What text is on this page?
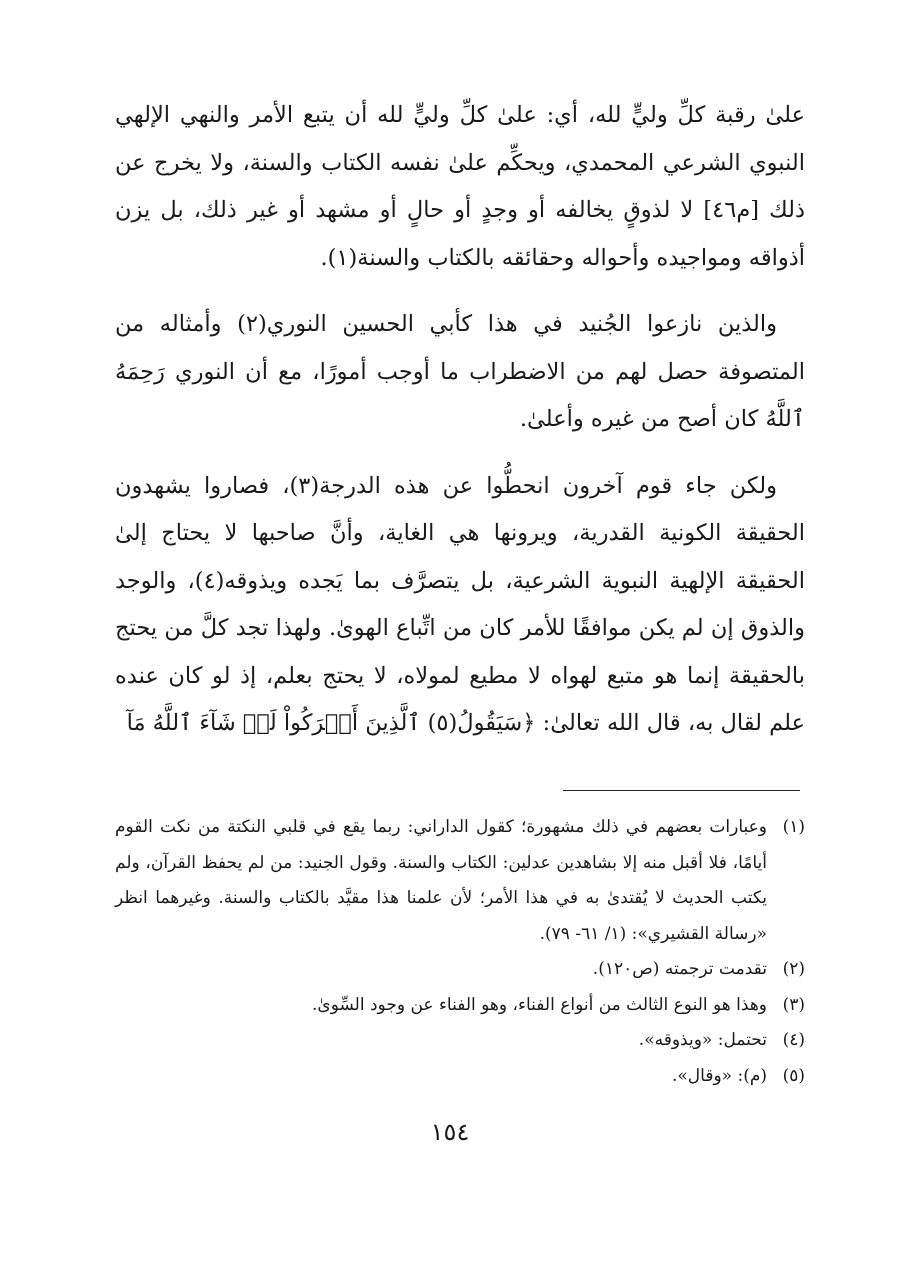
علىٰ رقبة كلِّ وليٍّ لله، أي: علىٰ كلِّ وليٍّ لله أن يتبع الأمر والنهي الإلهي النبوي الشرعي المحمدي، ويحكِّم علىٰ نفسه الكتاب والسنة، ولا يخرج عن ذلك [م٤٦] لا لذوقٍ يخالفه أو وجدٍ أو حالٍ أو مشهد أو غير ذلك، بل يزن أذواقه ومواجيده وأحواله وحقائقه بالكتاب والسنة(١).

والذين نازعوا الجُنيد في هذا كأبي الحسين النوري(٢) وأمثاله من المتصوفة حصل لهم من الاضطراب ما أوجب أمورًا، مع أن النوري رَحِمَهُ ٱللَّهُ كان أصح من غيره وأعلىٰ.

ولكن جاء قوم آخرون انحطُّوا عن هذه الدرجة(٣)، فصاروا يشهدون الحقيقة الكونية القدرية، ويرونها هي الغاية، وأنَّ صاحبها لا يحتاج إلىٰ الحقيقة الإلهية النبوية الشرعية، بل يتصرَّف بما يَجده ويذوقه(٤)، والوجد والذوق إن لم يكن موافقًا للأمر كان من اتِّباع الهوىٰ. ولهذا تجد كلَّ من يحتج بالحقيقة إنما هو متبع لهواه لا مطيع لمولاه، لا يحتج بعلم، إذ لو كان عنده علم لقال به، قال الله تعالىٰ: ﴿سَيَقُولُ(٥) ٱلَّذِينَ أَشۡرَكُواْ لَوۡ شَآءَ ٱللَّهُ مَآ

(١)
وعبارات بعضهم في ذلك مشهورة؛ كقول الداراني: ربما يقع في قلبي النكتة من نكت القوم أيامًا، فلا أقبل منه إلا بشاهدين عدلين: الكتاب والسنة. وقول الجنيد: من لم يحفظ القرآن، ولم يكتب الحديث لا يُقتدىٰ به في هذا الأمر؛ لأن علمنا هذا مقيَّد بالكتاب والسنة. وغيرهما انظر «رسالة القشيري»: (١/ ٦١- ٧٩).
(٢)
تقدمت ترجمته (ص١٢٠).
(٣)
وهذا هو النوع الثالث من أنواع الفناء، وهو الفناء عن وجود السِّوىٰ.
(٤)
تحتمل: «ويذوقه».
(٥)
(م): «وقال».
١٥٤
